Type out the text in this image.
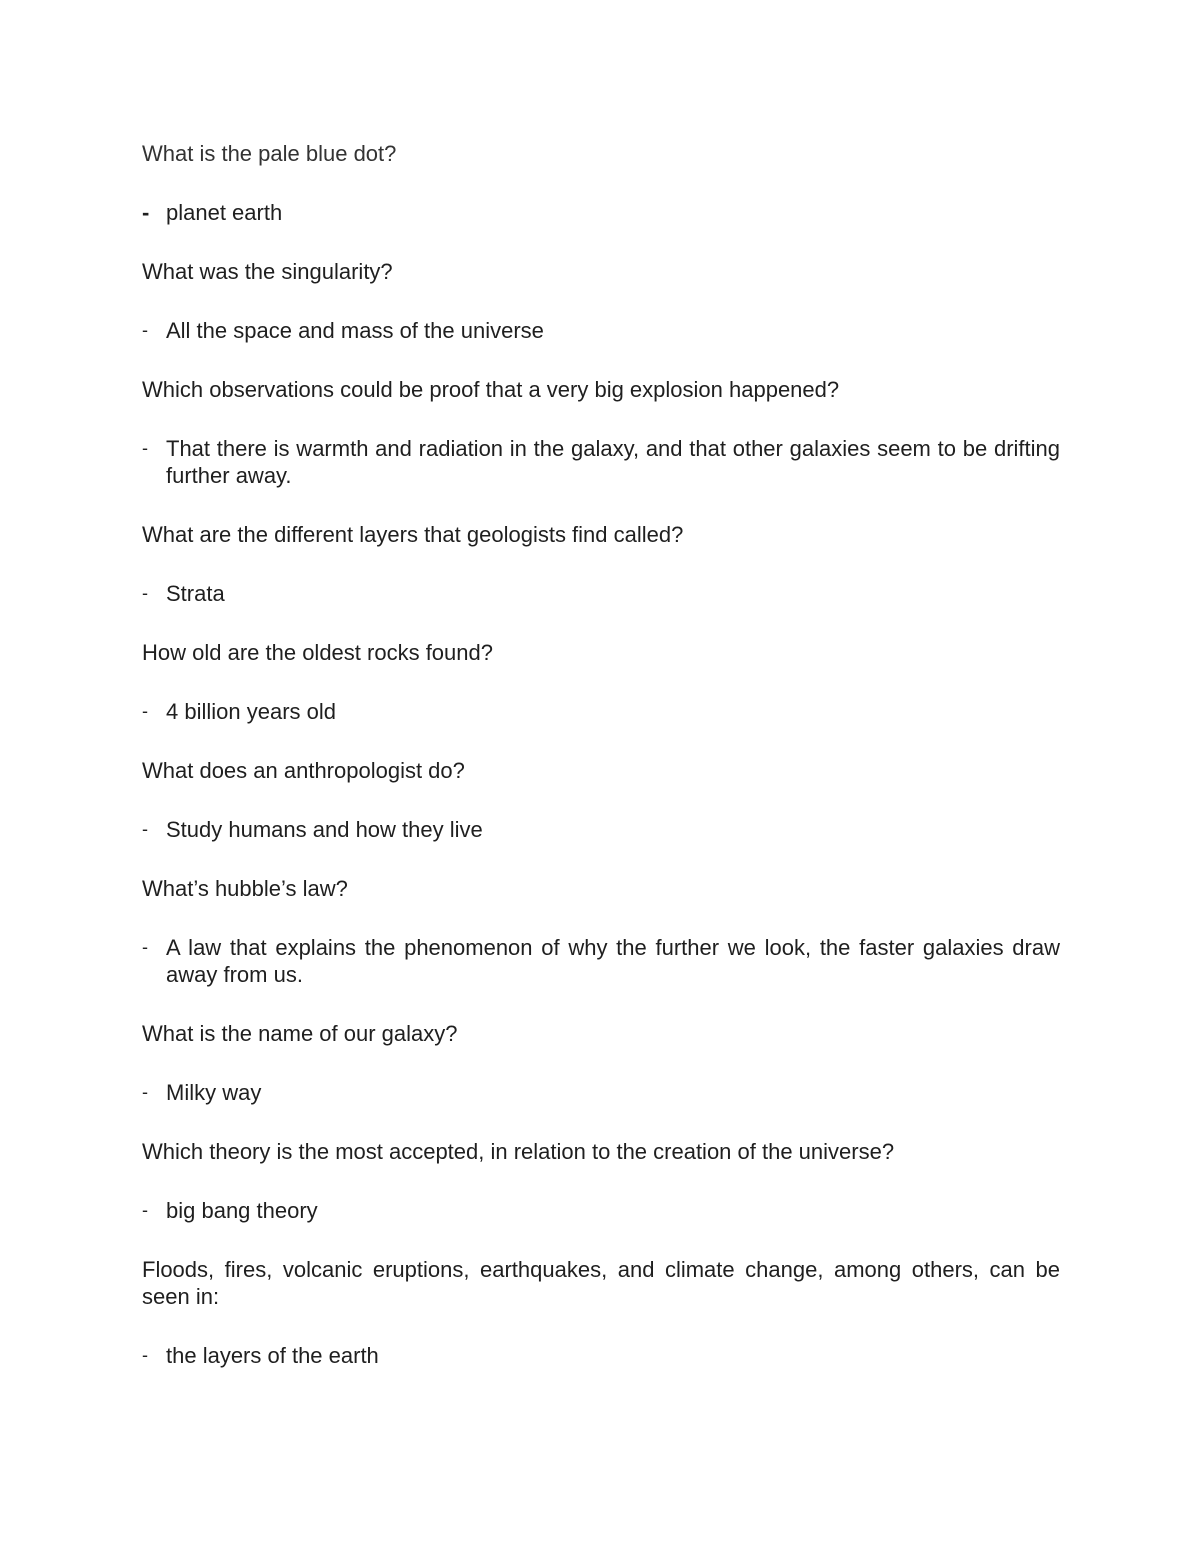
What is the pale blue dot?

- planet earth

What was the singularity?

- All the space and mass of the universe

Which observations could be proof that a very big explosion happened?

- That there is warmth and radiation in the galaxy, and that other galaxies seem to be drifting further away.

What are the different layers that geologists find called?

- Strata

How old are the oldest rocks found?

- 4 billion years old

What does an anthropologist do?

- Study humans and how they live

What’s hubble’s law?

- A law that explains the phenomenon of why the further we look, the faster galaxies draw away from us.

What is the name of our galaxy?

- Milky way

Which theory is the most accepted, in relation to the creation of the universe?

- big bang theory

Floods, fires, volcanic eruptions, earthquakes, and climate change, among others, can be seen in:

- the layers of the earth
